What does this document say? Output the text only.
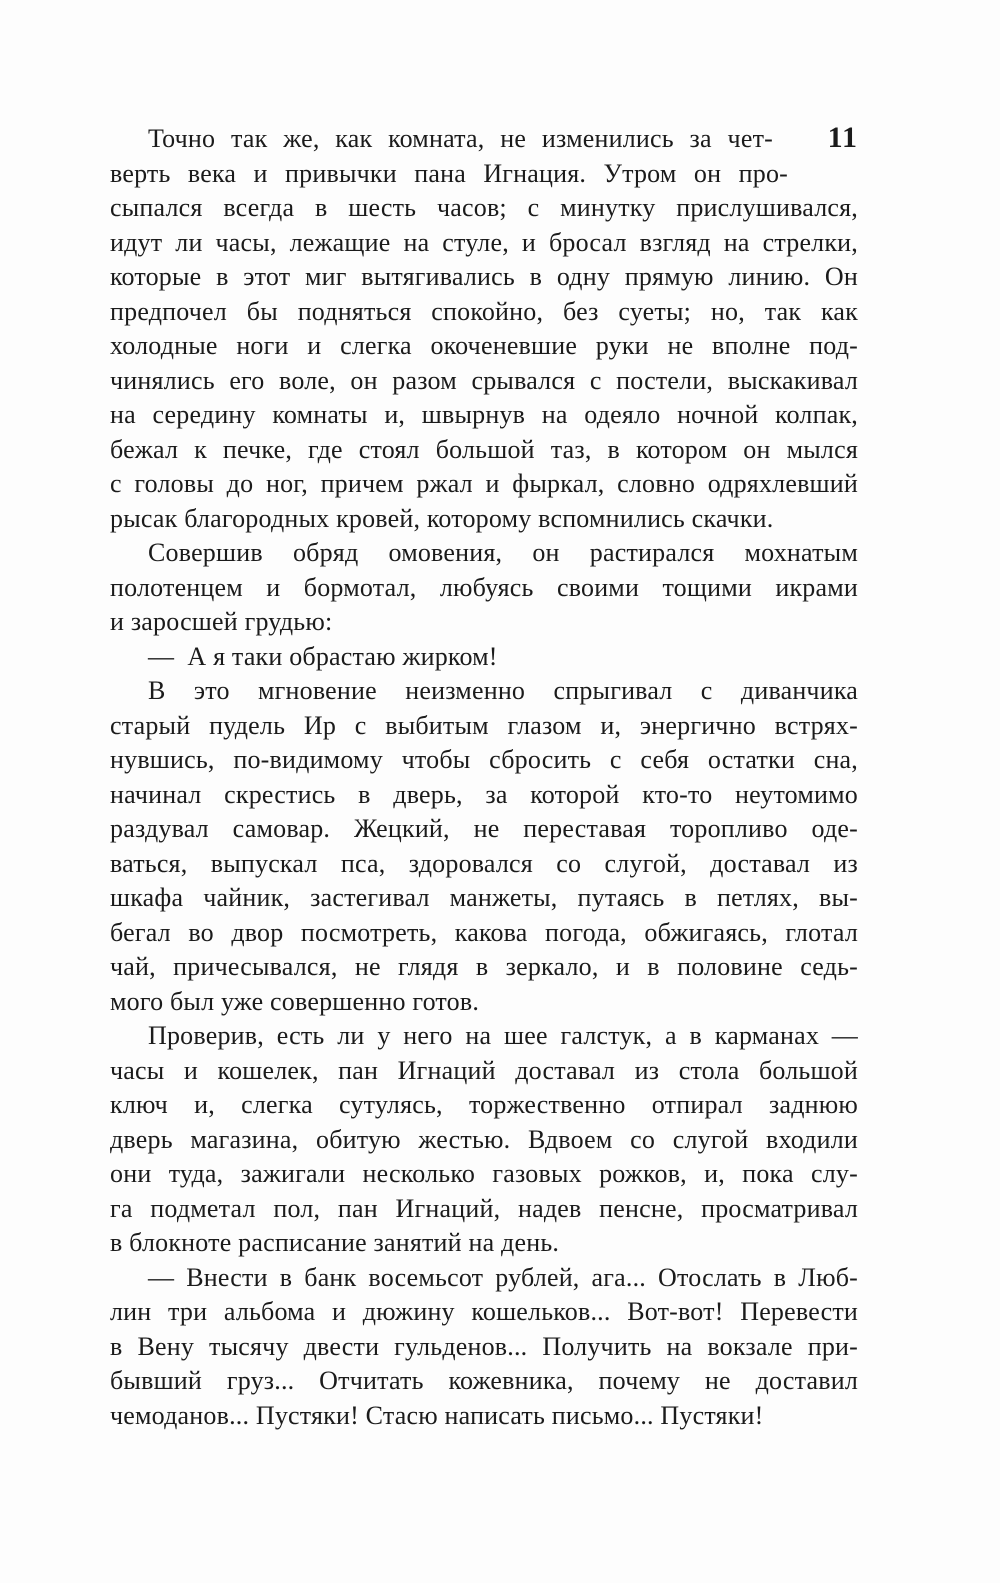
11
Точно так же, как комната, не изменились за чет-
верть века и привычки пана Игнация. Утром он про-
сыпался всегда в шесть часов; с минутку прислушивался,
идут ли часы, лежащие на стуле, и бросал взгляд на стрелки,
которые в этот миг вытягивались в одну прямую линию. Он
предпочел бы подняться спокойно, без суеты; но, так как
холодные ноги и слегка окоченевшие руки не вполне под-
чинялись его воле, он разом срывался с постели, выскакивал
на середину комнаты и, швырнув на одеяло ночной колпак,
бежал к печке, где стоял большой таз, в котором он мылся
с головы до ног, причем ржал и фыркал, словно одряхлевший
рысак благородных кровей, которому вспомнились скачки.
Совершив обряд омовения, он растирался мохнатым
полотенцем и бормотал, любуясь своими тощими икрами
и заросшей грудью:
— А я таки обрастаю жирком!
В это мгновение неизменно спрыгивал с диванчика
старый пудель Ир с выбитым глазом и, энергично встрях-
нувшись, по-видимому чтобы сбросить с себя остатки сна,
начинал скрестись в дверь, за которой кто-то неутомимо
раздувал самовар. Жецкий, не переставая торопливо оде-
ваться, выпускал пса, здоровался со слугой, доставал из
шкафа чайник, застегивал манжеты, путаясь в петлях, вы-
бегал во двор посмотреть, какова погода, обжигаясь, глотал
чай, причесывался, не глядя в зеркало, и в половине седь-
мого был уже совершенно готов.
Проверив, есть ли у него на шее галстук, а в карманах —
часы и кошелек, пан Игнаций доставал из стола большой
ключ и, слегка сутулясь, торжественно отпирал заднюю
дверь магазина, обитую жестью. Вдвоем со слугой входили
они туда, зажигали несколько газовых рожков, и, пока слу-
га подметал пол, пан Игнаций, надев пенсне, просматривал
в блокноте расписание занятий на день.
— Внести в банк восемьсот рублей, ага... Отослать в Люб-
лин три альбома и дюжину кошельков... Вот-вот! Перевести
в Вену тысячу двести гульденов... Получить на вокзале при-
бывший груз... Отчитать кожевника, почему не доставил
чемоданов... Пустяки! Стасю написать письмо... Пустяки!
